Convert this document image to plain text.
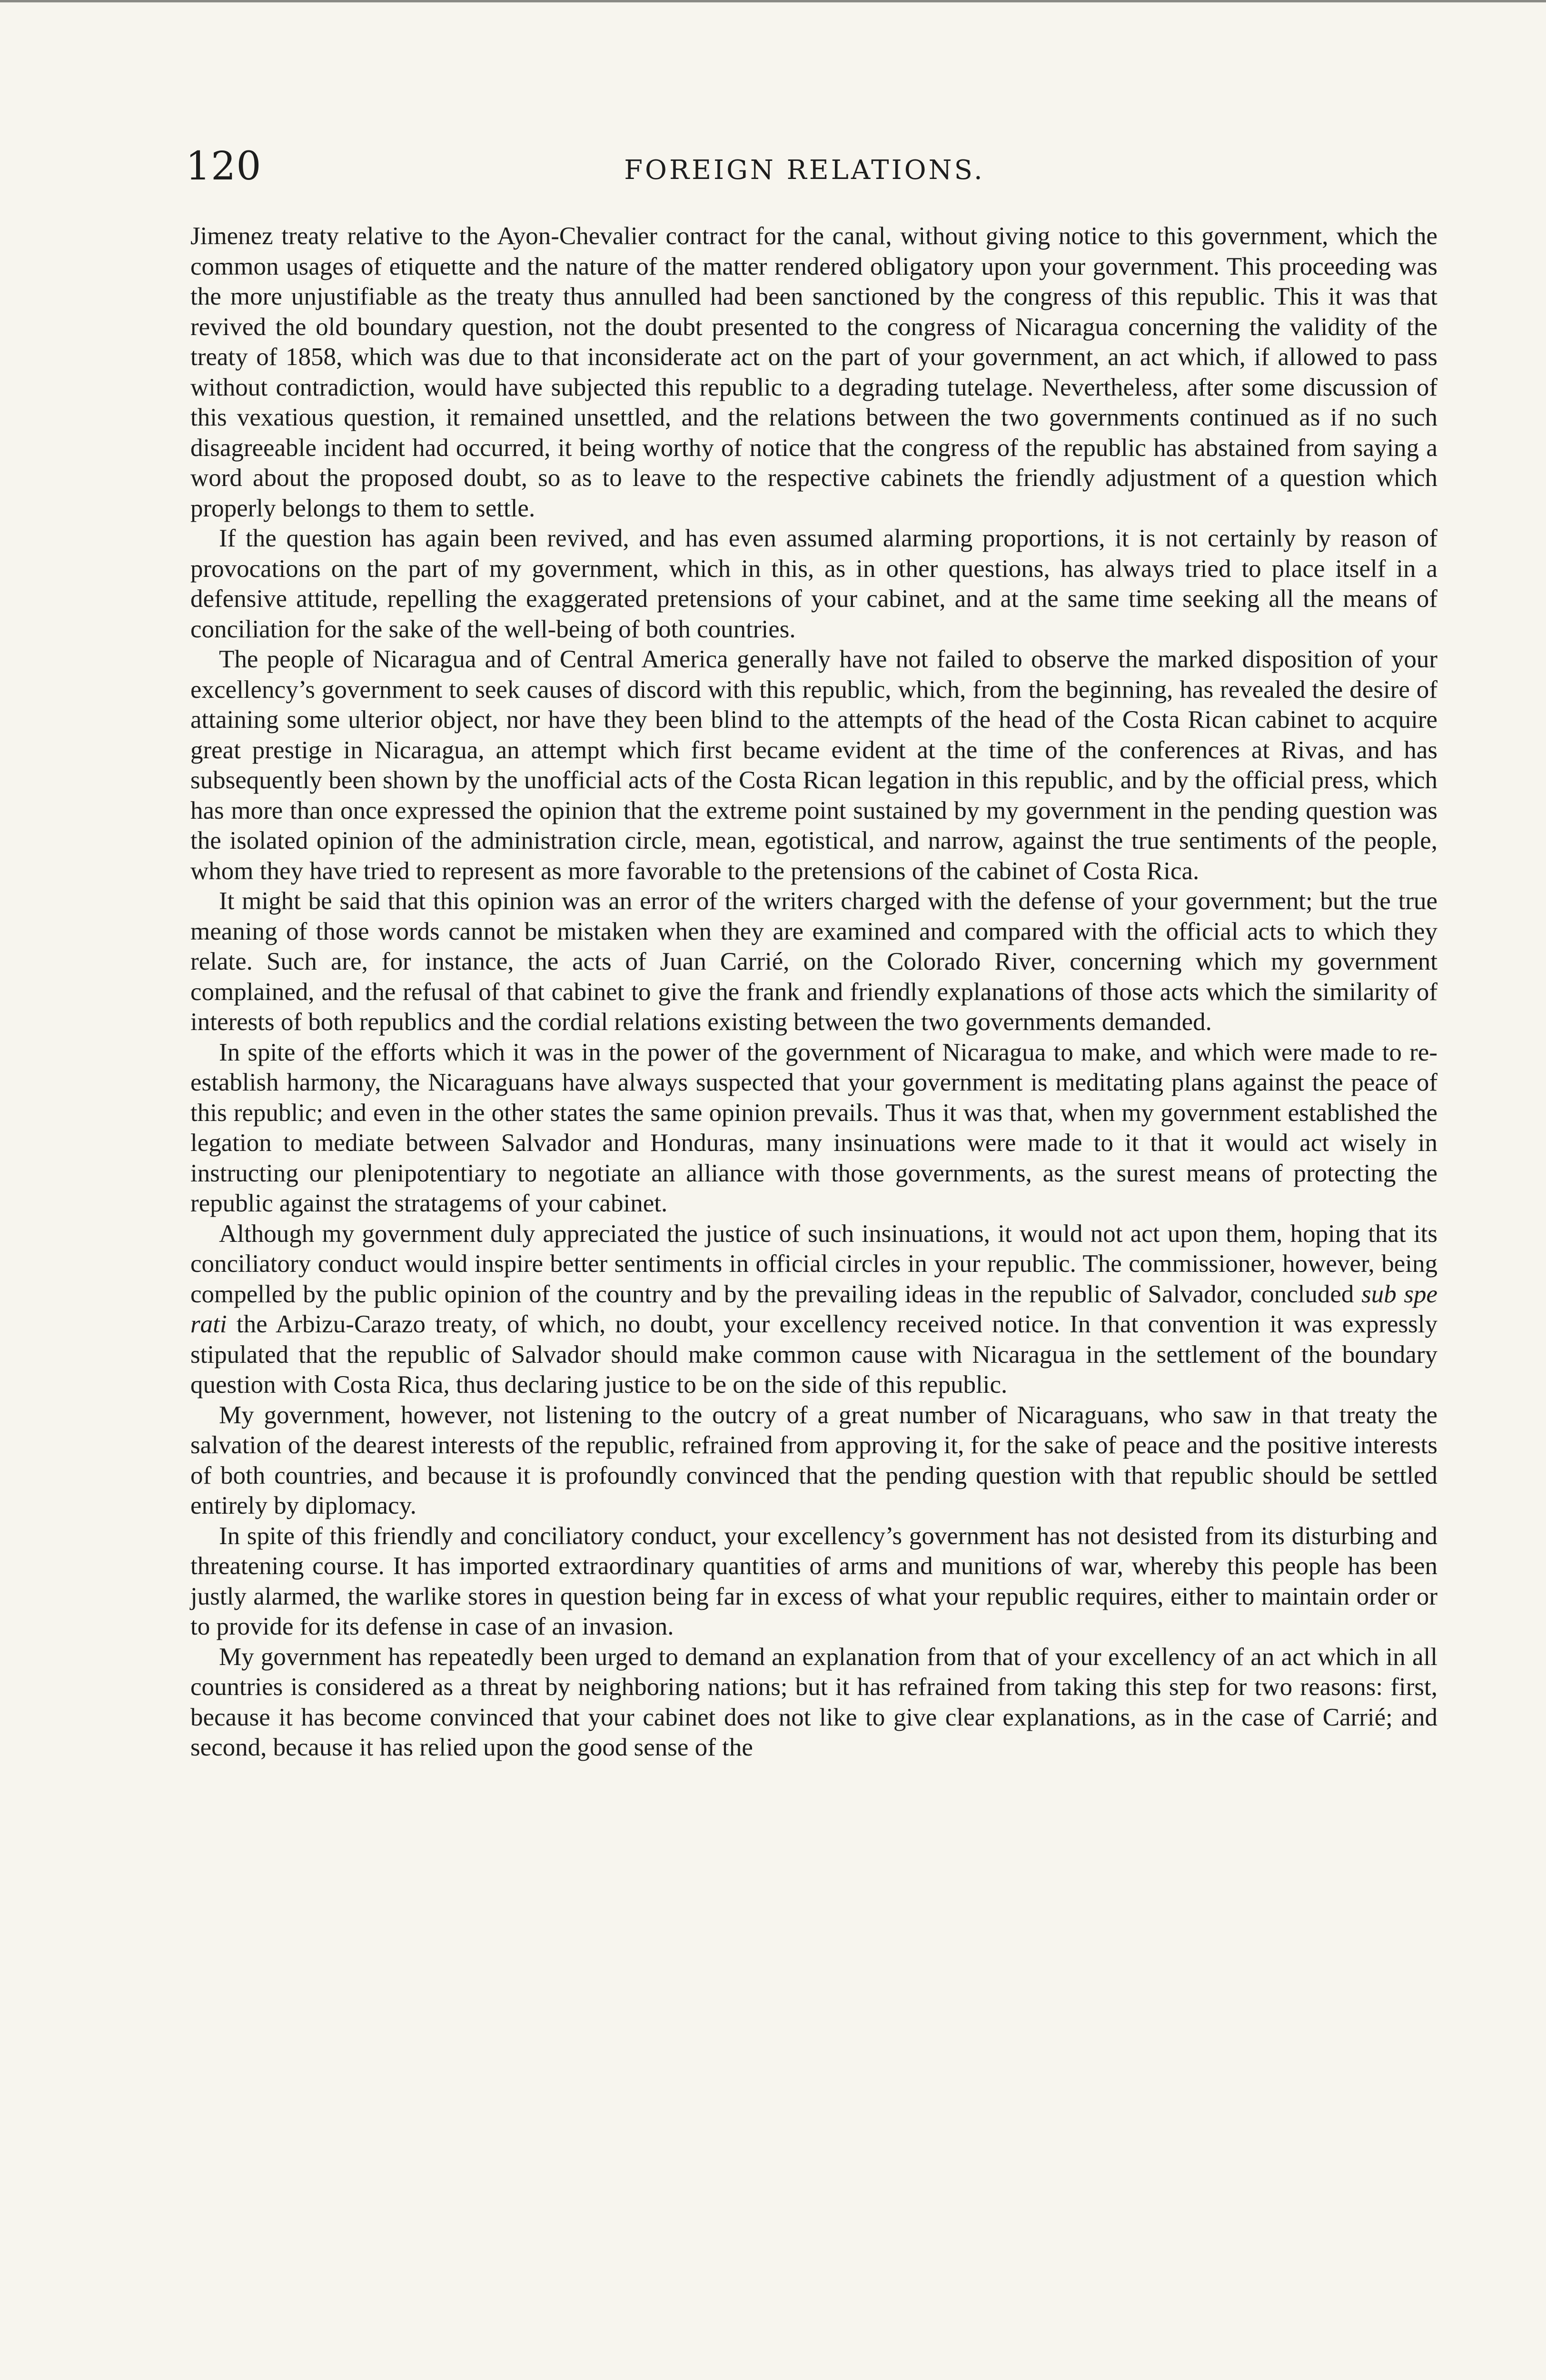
120	FOREIGN RELATIONS.

Jimenez treaty relative to the Ayon-Chevalier contract for the canal, without giving notice to this government, which the common usages of etiquette and the nature of the matter rendered obligatory upon your government. This proceeding was the more unjustifiable as the treaty thus annulled had been sanctioned by the congress of this republic. This it was that revived the old boundary question, not the doubt presented to the congress of Nicaragua concerning the validity of the treaty of 1858, which was due to that inconsiderate act on the part of your government, an act which, if allowed to pass without contradiction, would have subjected this republic to a degrading tutelage. Nevertheless, after some discussion of this vexatious question, it remained unsettled, and the relations between the two governments continued as if no such disagreeable incident had occurred, it being worthy of notice that the congress of the republic has abstained from saying a word about the proposed doubt, so as to leave to the respective cabinets the friendly adjustment of a question which properly belongs to them to settle.

If the question has again been revived, and has even assumed alarming proportions, it is not certainly by reason of provocations on the part of my government, which in this, as in other questions, has always tried to place itself in a defensive attitude, repelling the exaggerated pretensions of your cabinet, and at the same time seeking all the means of conciliation for the sake of the well-being of both countries.

The people of Nicaragua and of Central America generally have not failed to observe the marked disposition of your excellency’s government to seek causes of discord with this republic, which, from the beginning, has revealed the desire of attaining some ulterior object, nor have they been blind to the attempts of the head of the Costa Rican cabinet to acquire great prestige in Nicaragua, an attempt which first became evident at the time of the conferences at Rivas, and has subsequently been shown by the unofficial acts of the Costa Rican legation in this republic, and by the official press, which has more than once expressed the opinion that the extreme point sustained by my government in the pending question was the isolated opinion of the administration circle, mean, egotistical, and narrow, against the true sentiments of the people, whom they have tried to represent as more favorable to the pretensions of the cabinet of Costa Rica.

It might be said that this opinion was an error of the writers charged with the defense of your government; but the true meaning of those words cannot be mistaken when they are examined and compared with the official acts to which they relate. Such are, for instance, the acts of Juan Carrié, on the Colorado River, concerning which my government complained, and the refusal of that cabinet to give the frank and friendly explanations of those acts which the similarity of interests of both republics and the cordial relations existing between the two governments demanded.

In spite of the efforts which it was in the power of the government of Nicaragua to make, and which were made to re-establish harmony, the Nicaraguans have always suspected that your government is meditating plans against the peace of this republic; and even in the other states the same opinion prevails. Thus it was that, when my government established the legation to mediate between Salvador and Honduras, many insinuations were made to it that it would act wisely in instructing our plenipotentiary to negotiate an alliance with those governments, as the surest means of protecting the republic against the stratagems of your cabinet.

Although my government duly appreciated the justice of such insinuations, it would not act upon them, hoping that its conciliatory conduct would inspire better sentiments in official circles in your republic. The commissioner, however, being compelled by the public opinion of the country and by the prevailing ideas in the republic of Salvador, concluded sub spe rati the Arbizu-Carazo treaty, of which, no doubt, your excellency received notice. In that convention it was expressly stipulated that the republic of Salvador should make common cause with Nicaragua in the settlement of the boundary question with Costa Rica, thus declaring justice to be on the side of this republic.

My government, however, not listening to the outcry of a great number of Nicaraguans, who saw in that treaty the salvation of the dearest interests of the republic, refrained from approving it, for the sake of peace and the positive interests of both countries, and because it is profoundly convinced that the pending question with that republic should be settled entirely by diplomacy.

In spite of this friendly and conciliatory conduct, your excellency’s government has not desisted from its disturbing and threatening course. It has imported extraordinary quantities of arms and munitions of war, whereby this people has been justly alarmed, the warlike stores in question being far in excess of what your republic requires, either to maintain order or to provide for its defense in case of an invasion.

My government has repeatedly been urged to demand an explanation from that of your excellency of an act which in all countries is considered as a threat by neighboring nations; but it has refrained from taking this step for two reasons: first, because it has become convinced that your cabinet does not like to give clear explanations, as in the case of Carrié; and second, because it has relied upon the good sense of the
